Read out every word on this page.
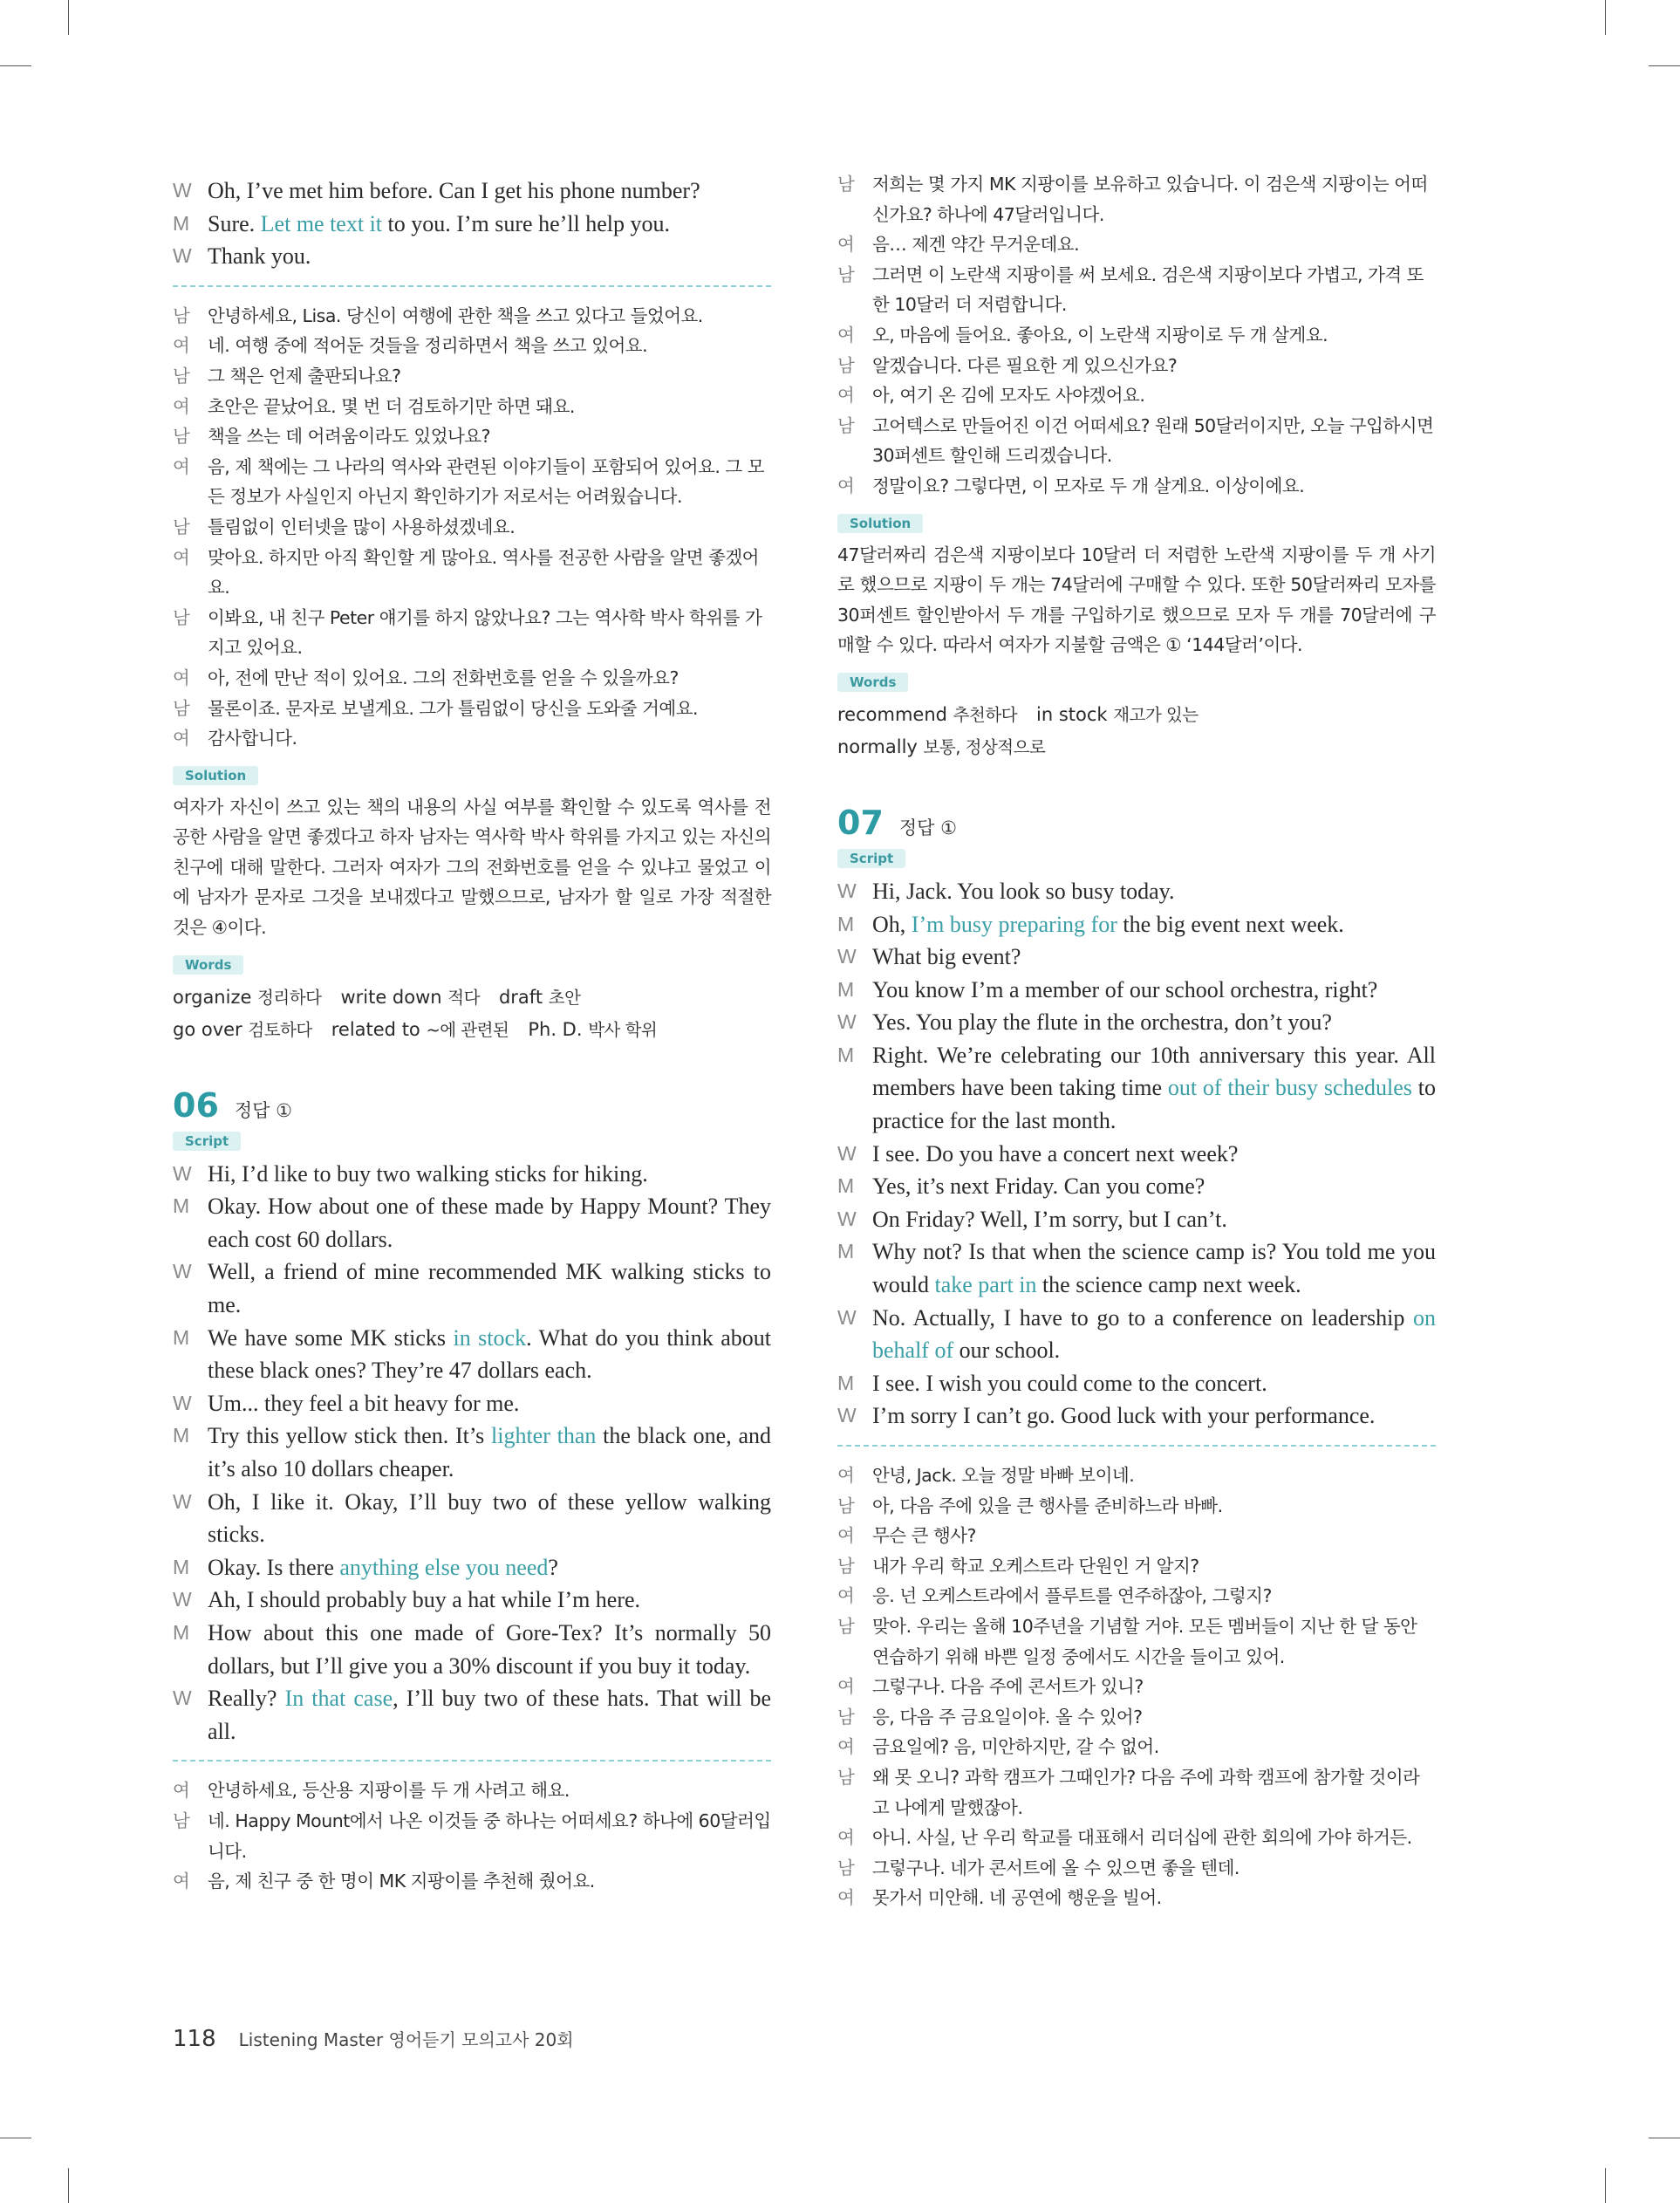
W Oh, I’ve met him before. Can I get his phone number?
M Sure. Let me text it to you. I’m sure he’ll help you.
W Thank you.
남 안녕하세요, Lisa. 당신이 여행에 관한 책을 쓰고 있다고 들었어요.
여 네. 여행 중에 적어둔 것들을 정리하면서 책을 쓰고 있어요.
남 그 책은 언제 출판되나요?
여 초안은 끝났어요. 몇 번 더 검토하기만 하면 돼요.
남 책을 쓰는 데 어려움이라도 있었나요?
여 음, 제 책에는 그 나라의 역사와 관련된 이야기들이 포함되어 있어요. 그 모든 정보가 사실인지 아닌지 확인하기가 저로서는 어려웠습니다.
남 틀림없이 인터넷을 많이 사용하셨겠네요.
여 맞아요. 하지만 아직 확인할 게 많아요. 역사를 전공한 사람을 알면 좋겠어요.
남 이봐요, 내 친구 Peter 얘기를 하지 않았나요? 그는 역사학 박사 학위를 가지고 있어요.
여 아, 전에 만난 적이 있어요. 그의 전화번호를 얻을 수 있을까요?
남 물론이죠. 문자로 보낼게요. 그가 틀림없이 당신을 도와줄 거예요.
여 감사합니다.
Solution
여자가 자신이 쓰고 있는 책의 내용의 사실 여부를 확인할 수 있도록 역사를 전공한 사람을 알면 좋겠다고 하자 남자는 역사학 박사 학위를 가지고 있는 자신의 친구에 대해 말한다. 그러자 여자가 그의 전화번호를 얻을 수 있냐고 물었고 이에 남자가 문자로 그것을 보내겠다고 말했으므로, 남자가 할 일로 가장 적절한 것은 ④이다.
Words
organize 정리하다 write down 적다 draft 초안
go over 검토하다 related to ~에 관련된 Ph. D. 박사 학위
06 정답 ①
Script
W Hi, I’d like to buy two walking sticks for hiking.
M Okay. How about one of these made by Happy Mount? They each cost 60 dollars.
W Well, a friend of mine recommended MK walking sticks to me.
M We have some MK sticks in stock. What do you think about these black ones? They’re 47 dollars each.
W Um... they feel a bit heavy for me.
M Try this yellow stick then. It’s lighter than the black one, and it’s also 10 dollars cheaper.
W Oh, I like it. Okay, I’ll buy two of these yellow walking sticks.
M Okay. Is there anything else you need?
W Ah, I should probably buy a hat while I’m here.
M How about this one made of Gore-Tex? It’s normally 50 dollars, but I’ll give you a 30% discount if you buy it today.
W Really? In that case, I’ll buy two of these hats. That will be all.
여 안녕하세요, 등산용 지팡이를 두 개 사려고 해요.
남 네. Happy Mount에서 나온 이것들 중 하나는 어떠세요? 하나에 60달러입니다.
여 음, 제 친구 중 한 명이 MK 지팡이를 추천해 줬어요.
남 저희는 몇 가지 MK 지팡이를 보유하고 있습니다. 이 검은색 지팡이는 어떠신가요? 하나에 47달러입니다.
여 음… 제겐 약간 무거운데요.
남 그러면 이 노란색 지팡이를 써 보세요. 검은색 지팡이보다 가볍고, 가격 또한 10달러 더 저렴합니다.
여 오, 마음에 들어요. 좋아요, 이 노란색 지팡이로 두 개 살게요.
남 알겠습니다. 다른 필요한 게 있으신가요?
여 아, 여기 온 김에 모자도 사야겠어요.
남 고어텍스로 만들어진 이건 어떠세요? 원래 50달러이지만, 오늘 구입하시면 30퍼센트 할인해 드리겠습니다.
여 정말이요? 그렇다면, 이 모자로 두 개 살게요. 이상이에요.
Solution
47달러짜리 검은색 지팡이보다 10달러 더 저렴한 노란색 지팡이를 두 개 사기로 했으므로 지팡이 두 개는 74달러에 구매할 수 있다. 또한 50달러짜리 모자를 30퍼센트 할인받아서 두 개를 구입하기로 했으므로 모자 두 개를 70달러에 구매할 수 있다. 따라서 여자가 지불할 금액은 ① ‘144달러’이다.
Words
recommend 추천하다 in stock 재고가 있는
normally 보통, 정상적으로
07 정답 ①
Script
W Hi, Jack. You look so busy today.
M Oh, I’m busy preparing for the big event next week.
W What big event?
M You know I’m a member of our school orchestra, right?
W Yes. You play the flute in the orchestra, don’t you?
M Right. We’re celebrating our 10th anniversary this year. All members have been taking time out of their busy schedules to practice for the last month.
W I see. Do you have a concert next week?
M Yes, it’s next Friday. Can you come?
W On Friday? Well, I’m sorry, but I can’t.
M Why not? Is that when the science camp is? You told me you would take part in the science camp next week.
W No. Actually, I have to go to a conference on leadership on behalf of our school.
M I see. I wish you could come to the concert.
W I’m sorry I can’t go. Good luck with your performance.
여 안녕, Jack. 오늘 정말 바빠 보이네.
남 아, 다음 주에 있을 큰 행사를 준비하느라 바빠.
여 무슨 큰 행사?
남 내가 우리 학교 오케스트라 단원인 거 알지?
여 응. 넌 오케스트라에서 플루트를 연주하잖아, 그렇지?
남 맞아. 우리는 올해 10주년을 기념할 거야. 모든 멤버들이 지난 한 달 동안 연습하기 위해 바쁜 일정 중에서도 시간을 들이고 있어.
여 그렇구나. 다음 주에 콘서트가 있니?
남 응, 다음 주 금요일이야. 올 수 있어?
여 금요일에? 음, 미안하지만, 갈 수 없어.
남 왜 못 오니? 과학 캠프가 그때인가? 다음 주에 과학 캠프에 참가할 것이라고 나에게 말했잖아.
여 아니. 사실, 난 우리 학교를 대표해서 리더십에 관한 회의에 가야 하거든.
남 그렇구나. 네가 콘서트에 올 수 있으면 좋을 텐데.
여 못가서 미안해. 네 공연에 행운을 빌어.
118 Listening Master 영어듣기 모의고사 20회
